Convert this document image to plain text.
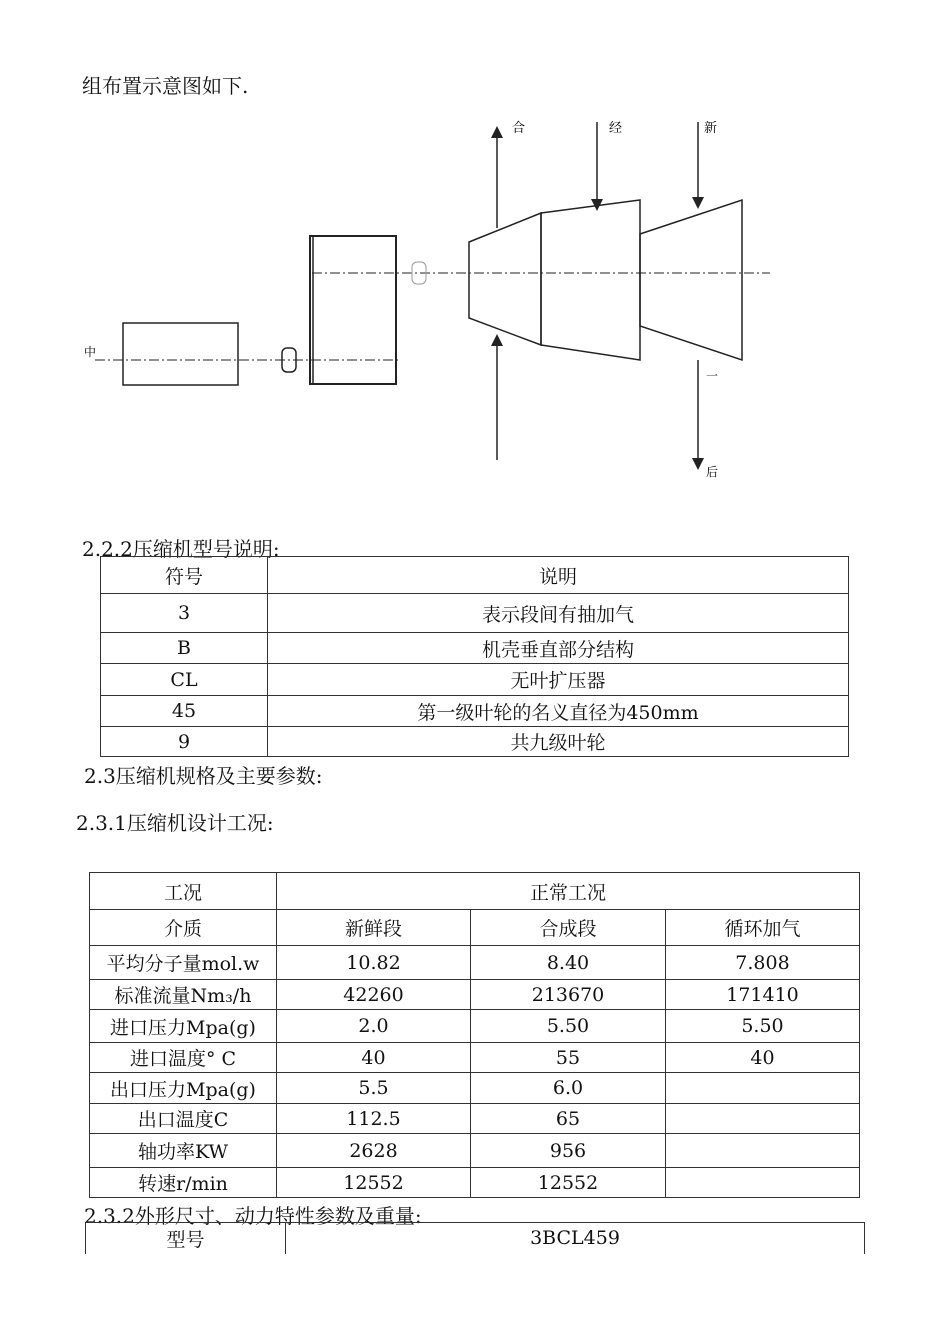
组布置示意图如下.
合	经	新
中
一
后
2.2.2压缩机型号说明:
符号	说明
3	表示段间有抽加气
B	机壳垂直部分结构
CL	无叶扩压器
45	第一级叶轮的名义直径为450mm
9	共九级叶轮
2.3压缩机规格及主要参数:
2.3.1压缩机设计工况:
工况	正常工况		
介质	新鲜段	合成段	循环加气
平均分子量mol.w	10.82	8.40	7.808
标准流量Nm₃/h	42260	213670	171410
进口压力Mpa(g)	2.0	5.50	5.50
进口温度° C	40	55	40
出口压力Mpa(g)	5.5	6.0	
出口温度C	112.5	65	
轴功率KW	2628	956	
转速r/min	12552	12552	
2.3.2外形尺寸、动力特性参数及重量:
型号	3BCL459
